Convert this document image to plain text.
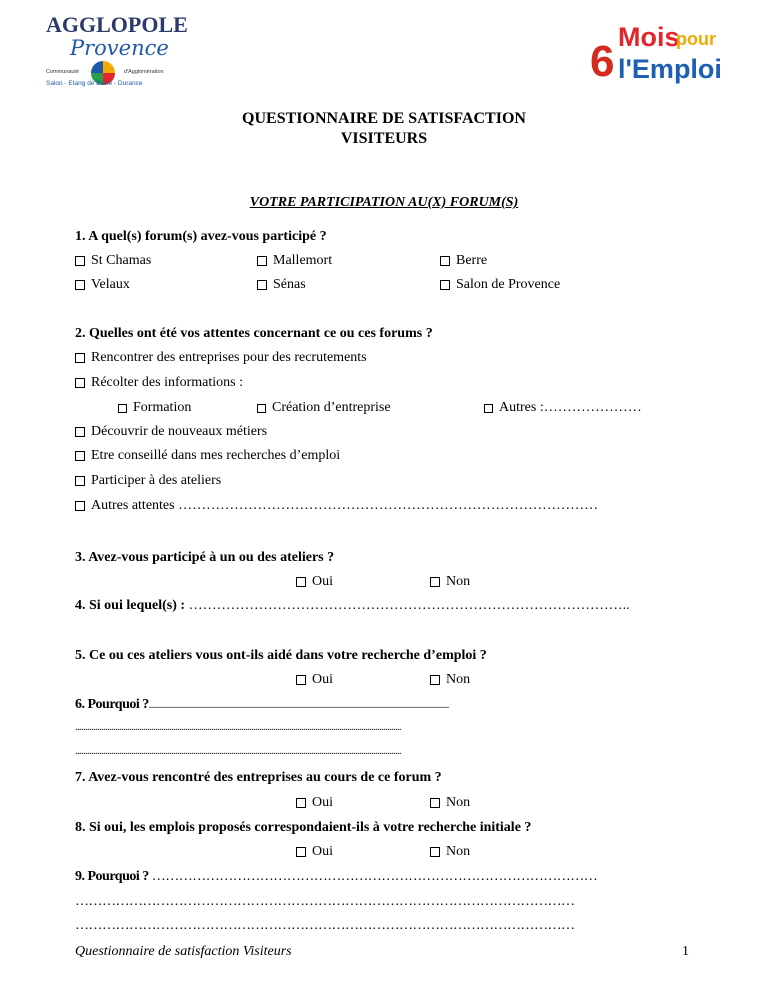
AGGLOPOLE
Provence
Communauté	d'Agglomération
Salon - Etang de Berre - Durance	6 Mois
pour
l'Emploi
QUESTIONNAIRE DE SATISFACTION
VISITEURS
VOTRE PARTICIPATION AU(X) FORUM(S)
1. A quel(s) forum(s) avez-vous participé ?
St Chamas	Mallemort	Berre
Velaux	Sénas	Salon de Provence
2. Quelles ont été vos attentes concernant ce ou ces forums ?
Rencontrer des entreprises pour des recrutements
Récolter des informations :
Formation	Création d’entreprise	Autres :…………………
Découvrir de nouveaux métiers
Etre conseillé dans mes recherches d’emploi
Participer à des ateliers
Autres attentes ………………………………………………………………………………
3. Avez-vous participé à un ou des ateliers ?
Oui	Non
4. Si oui lequel(s) : …………………………………………………………………………………..
5. Ce ou ces ateliers vous ont-ils aidé dans votre recherche d’emploi ?
Oui	Non
6. Pourquoi ?......................................................................................................................................................
...................................................................................................................................................................
...................................................................................................................................................................
7. Avez-vous rencontré des entreprises au cours de ce forum ?
Oui	Non
8. Si oui, les emplois proposés correspondaient-ils à votre recherche initiale ?
Oui	Non
9. Pourquoi ? ………………………………………………………………………………………
…………………………………………………………………………………………………
…………………………………………………………………………………………………
Questionnaire de satisfaction Visiteurs	1
